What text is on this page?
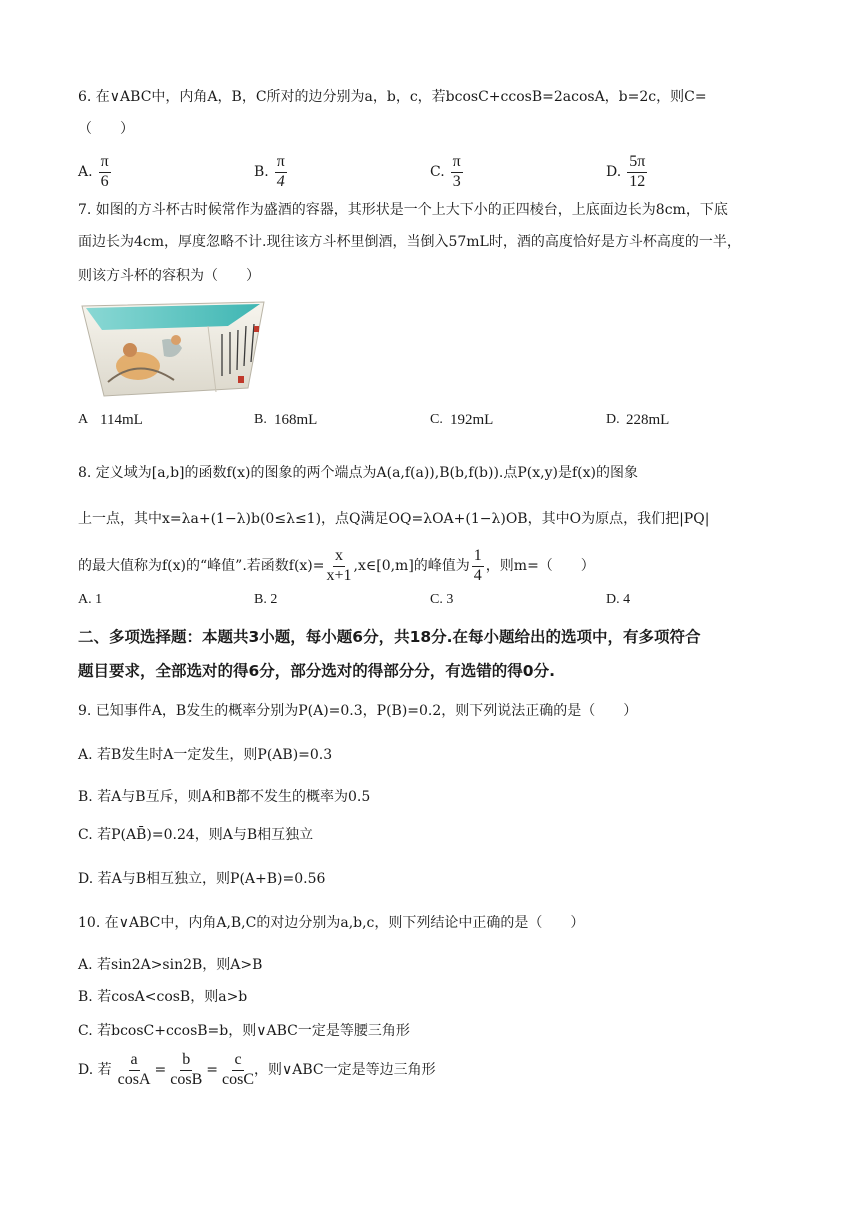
6. 在∨ABC中，内角A，B，C所对的边分别为a，b，c，若bcosC+ccosB=2acosA，b=2c，则C=
（　　）
A. $\frac{\pi}{6}$	B. $\frac{\pi}{4}$	C. $\frac{\pi}{3}$	D. $\frac{5\pi}{12}$
7. 如图的方斗杯古时候常作为盛酒的容器，其形状是一个上大下小的正四棱台，上底面边长为8cm，下底
面边长为4cm，厚度忽略不计.现往该方斗杯里倒酒，当倒入57mL时，酒的高度恰好是方斗杯高度的一半，
则该方斗杯的容积为（　　）
A 114mL	B. 168mL	C. 192mL	D. 228mL
8. 定义域为[a,b]的函数f(x)的图象的两个端点为A(a,f(a)),B(b,f(b)).点P(x,y)是f(x)的图象
上一点，其中x=λa+(1−λ)b(0≤λ≤1)，点Q满足OQ=λOA+(1−λ)OB，其中O为原点，我们把|PQ|
的最大值称为f(x)的“峰值”.若函数$f(x)= \frac{x}{x+1}$ ,x∈[0,m]的峰值为 $\frac{1}{4}$ ，则m=（　　）
A. 1	B. 2	C. 3	D. 4
二、多项选择题：本题共3小题，每小题6分，共18分.在每小题给出的选项中，有多项符合
题目要求，全部选对的得6分，部分选对的得部分分，有选错的得0分.
9. 已知事件A，B发生的概率分别为P(A)=0.3，P(B)=0.2，则下列说法正确的是（　　）
A. 若B发生时A一定发生，则P(AB)=0.3
B. 若A与B互斥，则A和B都不发生的概率为0.5
C. 若P(AB̄)=0.24，则A与B相互独立
D. 若A与B相互独立，则P(A+B)=0.56
10. 在∨ABC中，内角A,B,C的对边分别为a,b,c，则下列结论中正确的是（　　）
A. 若sin2A>sin2B，则A>B
B. 若cosA<cosB，则a>b
C. 若bcosC+ccosB=b，则∨ABC一定是等腰三角形
D. 若 $\frac{a}{\cos A} = \frac{b}{\cos B} = \frac{c}{\cos C}$ ，则∨ABC一定是等边三角形
